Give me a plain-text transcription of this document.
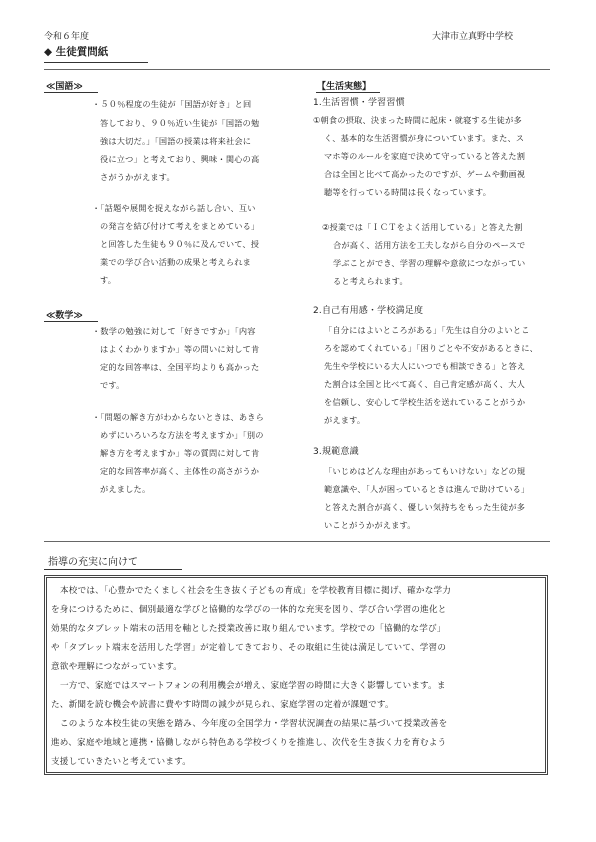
令和６年度	大津市立真野中学校
◆ 生徒質問紙
≪国語≫
・５０％程度の生徒が「国語が好き」と回
答しており、９０％近い生徒が「国語の勉
強は大切だ。」「国語の授業は将来社会に
役に立つ」と考えており、興味・関心の高
さがうかがえます。
・「話題や展開を捉えながら話し合い、互い
の発言を結び付けて考えをまとめている」
と回答した生徒も９０％に及んでいて、授
業での学び合い活動の成果と考えられま
す。
≪数学≫
・数学の勉強に対して「好きですか」「内容
はよくわかりますか」等の問いに対して肯
定的な回答率は、全国平均よりも高かった
です。
・「問題の解き方がわからないときは、あきら
めずにいろいろな方法を考えますか」「別の
解き方を考えますか」等の質問に対して肯
定的な回答率が高く、主体性の高さがうか
がえました。
【生活実態】
1.生活習慣・学習習慣
①朝食の摂取、決まった時間に起床・就寝する生徒が多
く、基本的な生活習慣が身についています。また、ス
マホ等のルールを家庭で決めて守っていると答えた割
合は全国と比べて高かったのですが、ゲームや動画視
聴等を行っている時間は長くなっています。
②授業では「ＩＣＴをよく活用している」と答えた割
合が高く、活用方法を工夫しながら自分のペースで
学ぶことができ、学習の理解や意欲につながってい
ると考えられます。
2.自己有用感・学校満足度
「自分にはよいところがある」「先生は自分のよいとこ
ろを認めてくれている」「困りごとや不安があるときに、
先生や学校にいる大人にいつでも相談できる」と答え
た割合は全国と比べて高く、自己肯定感が高く、大人
を信頼し、安心して学校生活を送れていることがうか
がえます。
3.規範意識
「いじめはどんな理由があってもいけない」などの規
範意識や、「人が困っているときは進んで助けている」
と答えた割合が高く、優しい気持ちをもった生徒が多
いことがうかがえます。
指導の充実に向けて
本校では、「心豊かでたくましく社会を生き抜く子どもの育成」を学校教育目標に掲げ、確かな学力
を身につけるために、個別最適な学びと協働的な学びの一体的な充実を図り、学び合い学習の進化と
効果的なタブレット端末の活用を軸とした授業改善に取り組んでいます。学校での「協働的な学び」
や「タブレット端末を活用した学習」が定着してきており、その取組に生徒は満足していて、学習の
意欲や理解につながっています。
一方で、家庭ではスマートフォンの利用機会が増え、家庭学習の時間に大きく影響しています。ま
た、新聞を読む機会や読書に費やす時間の減少が見られ、家庭学習の定着が課題です。
このような本校生徒の実態を踏み、今年度の全国学力・学習状況調査の結果に基づいて授業改善を
進め、家庭や地域と連携・協働しながら特色ある学校づくりを推進し、次代を生き抜く力を育むよう
支援していきたいと考えています。
